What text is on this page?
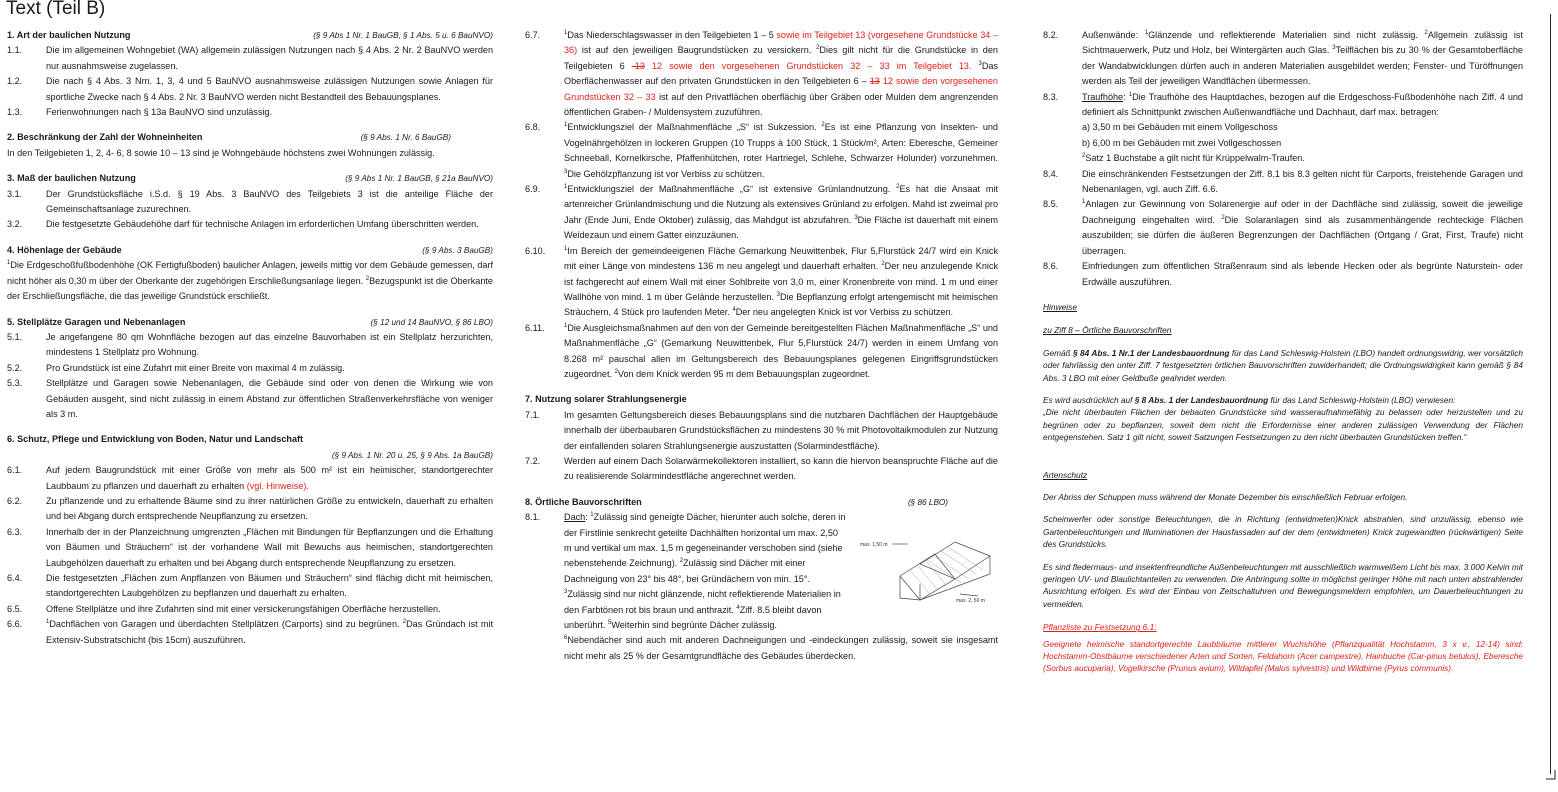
Text (Teil B)
1. Art der baulichen Nutzung	(§ 9 Abs 1 Nr. 1 BauGB, § 1 Abs. 5 u. 6 BauNVO)
1.1.	Die im allgemeinen Wohngebiet (WA) allgemein zulässigen Nutzungen nach § 4 Abs. 2 Nr. 2 BauNVO werden nur ausnahmsweise zugelassen.
1.2.	Die nach § 4 Abs. 3 Nrn. 1, 3, 4 und 5 BauNVO ausnahmsweise zulässigen Nutzungen sowie Anlagen für sportliche Zwecke nach § 4 Abs. 2 Nr. 3 BauNVO werden nicht Bestandteil des Bebauungsplanes.
1.3.	Ferienwohnungen nach § 13a BauNVO sind unzulässig.
2. Beschränkung der Zahl der Wohneinheiten	(§ 9 Abs. 1 Nr. 6 BauGB)
In den Teilgebieten 1, 2, 4- 6, 8 sowie 10 – 13 sind je Wohngebäude höchstens zwei Wohnungen zulässig.
3. Maß der baulichen Nutzung	(§ 9 Abs 1 Nr. 1 BauGB, § 21a BauNVO)
3.1.	Der Grundstücksfläche i.S.d. § 19 Abs. 3 BauNVO des Teilgebiets 3 ist die anteilige Fläche der Gemeinschaftsanlage zuzurechnen.
3.2.	Die festgesetzte Gebäudehöhe darf für technische Anlagen im erforderlichen Umfang überschritten werden.
4. Höhenlage der Gebäude	(§ 9 Abs. 3 BauGB)
$^1$Die Erdgeschoßfußbodenhöhe (OK Fertigfußboden) baulicher Anlagen, jeweils mittig vor dem Gebäude gemessen, darf nicht höher als 0,30 m über der Oberkante der zugehörigen Erschließungsanlage liegen. $^2$Bezugspunkt ist die Oberkante der Erschließungsfläche, die das jeweilige Grundstück erschließt.
5. Stellplätze Garagen und Nebenanlagen	(§ 12 und 14 BauNVO, § 86 LBO)
5.1.	Je angefangene 80 qm Wohnfläche bezogen auf das einzelne Bauvorhaben ist ein Stellplatz herzurichten, mindestens 1 Stellplatz pro Wohnung.
5.2.	Pro Grundstück ist eine Zufahrt mit einer Breite von maximal 4 m zulässig.
5.3.	Stellplätze und Garagen sowie Nebenanlagen, die Gebäude sind oder von denen die Wirkung wie von Gebäuden ausgeht, sind nicht zulässig in einem Abstand zur öffentlichen Straßenverkehrsfläche von weniger als 3 m.
6. Schutz, Pflege und Entwicklung von Boden, Natur und Landschaft
(§ 9 Abs. 1 Nr. 20 u. 25, § 9 Abs. 1a BauGB)
6.1.	Auf jedem Baugrundstück mit einer Größe von mehr als 500 m² ist ein heimischer, standortgerechter Laubbaum zu pflanzen und dauerhaft zu erhalten (vgl. Hinweise).
6.2.	Zu pflanzende und zu erhaltende Bäume sind zu ihrer natürlichen Größe zu entwickeln, dauerhaft zu erhalten und bei Abgang durch entsprechende Neupflanzung zu ersetzen.
6.3.	Innerhalb der in der Planzeichnung umgrenzten „Flächen mit Bindungen für Bepflanzungen und die Erhaltung von Bäumen und Sträuchern“ ist der vorhandene Wall mit Bewuchs aus heimischen, standortgerechten Laubgehölzen dauerhaft zu erhalten und bei Abgang durch entsprechende Neupflanzung zu ersetzen.
6.4.	Die festgesetzten „Flächen zum Anpflanzen von Bäumen und Sträuchern“ sind flächig dicht mit heimischen, standortgerechten Laubgehölzen zu bepflanzen und dauerhaft zu erhalten.
6.5.	Offene Stellplätze und ihre Zufahrten sind mit einer versickerungsfähigen Oberfläche herzustellen.
6.6.	$^1$Dachflächen von Garagen und überdachten Stellplätzen (Carports) sind zu begrünen. $^2$Das Gründach ist mit Extensiv-Substratschicht (bis 15cm) auszuführen.
6.7.	$^1$Das Niederschlagswasser in den Teilgebieten 1 – 5 sowie im Teilgebiet 13 (vorgesehene Grundstücke 34 – 36) ist auf den jeweiligen Baugrundstücken zu versickern. $^2$Dies gilt nicht für die Grundstücke in den Teilgebieten 6 -13 12 sowie den vorgesehenen Grundstücken 32 – 33 im Teilgebiet 13. $^3$Das Oberflächenwasser auf den privaten Grundstücken in den Teilgebieten 6 – 13 12 sowie den vorgesehenen Grundstücken 32 – 33 ist auf den Privatflächen oberflächig über Gräben oder Mulden dem angrenzenden öffentlichen Graben- / Muldensystem zuzuführen.
6.8.	$^1$Entwicklungsziel der Maßnahmenfläche „S“ ist Sukzession. $^2$Es ist eine Pflanzung von Insekten- und Vogelnährgehölzen in lockeren Gruppen (10 Trupps à 100 Stück, 1 Stück/m², Arten: Eberesche, Gemeiner Schneeball, Kornelkirsche, Pfaffenhütchen, roter Hartriegel, Schlehe, Schwarzer Holunder) vorzunehmen. $^3$Die Gehölzpflanzung ist vor Verbiss zu schützen.
6.9.	$^1$Entwicklungsziel der Maßnahmenfläche „G“ ist extensive Grünlandnutzung. $^2$Es hat die Ansaat mit artenreicher Grünlandmischung und die Nutzung als extensives Grünland zu erfolgen. Mahd ist zweimal pro Jahr (Ende Juni, Ende Oktober) zulässig, das Mahdgut ist abzufahren. $^3$Die Fläche ist dauerhaft mit einem Weidezaun und einem Gatter einzuzäunen.
6.10.	$^1$Im Bereich der gemeindeeigenen Fläche Gemarkung Neuwittenbek, Flur 5,Flurstück 24/7 wird ein Knick mit einer Länge von mindestens 136 m neu angelegt und dauerhaft erhalten. $^2$Der neu anzulegende Knick ist fachgerecht auf einem Wall mit einer Sohlbreite von 3,0 m, einer Kronenbreite von mind. 1 m und einer Wallhöhe von mind. 1 m über Gelände herzustellen. $^3$Die Bepflanzung erfolgt artengemischt mit heimischen Sträuchern, 4 Stück pro laufenden Meter. $^4$Der neu angelegten Knick ist vor Verbiss zu schützen.
6.11.	$^1$Die Ausgleichsmaßnahmen auf den von der Gemeinde bereitgestellten Flächen Maßnahmenfläche „S“ und Maßnahmenfläche „G“ (Gemarkung Neuwittenbek, Flur 5,Flurstück 24/7) werden in einem Umfang von 8.268 m² pauschal allen im Geltungsbereich des Bebauungsplanes gelegenen Eingriffsgrundstücken zugeordnet. $^2$Von dem Knick werden 95 m dem Bebauungsplan zugeordnet.
7. Nutzung solarer Strahlungsenergie
7.1.	Im gesamten Geltungsbereich dieses Bebauungsplans sind die nutzbaren Dachflächen der Hauptgebäude innerhalb der überbaubaren Grundstücksflächen zu mindestens 30 % mit Photovoltaikmodulen zur Nutzung der einfallenden solaren Strahlungsenergie auszustatten (Solarmindestfläche).
7.2.	Werden auf einem Dach Solarwärmekollektoren installiert, so kann die hiervon beanspruchte Fläche auf die zu realisierende Solarmindestfläche angerechnet werden.
8. Örtliche Bauvorschriften	(§ 86 LBO)
8.1.	Dach: $^1$Zulässig sind geneigte Dächer, hierunter auch solche, deren in der Firstlinie senkrecht geteilte Dachhälften horizontal um max. 2,50 m und vertikal um max. 1,5 m gegeneinander verschoben sind (siehe nebenstehende Zeichnung). $^2$Zulässig sind Dächer mit einer Dachneigung von 23° bis 48°, bei Gründächern von min. 15°. $^3$Zulässig sind nur nicht glänzende, nicht reflektierende Materialien in den Farbtönen rot bis braun und anthrazit. $^4$Ziff. 8.5 bleibt davon unberührt. $^5$Weiterhin sind begrünte Dächer zulässig.
max. 1,50 m
max. 2, 50 m
$^6$Nebendächer sind auch mit anderen Dachneigungen und -eindeckungen zulässig, soweit sie insgesamt nicht mehr als 25 % der Gesamtgrundfläche des Gebäudes überdecken.
8.2.	Außenwände: $^1$Glänzende und reflektierende Materialien sind nicht zulässig. $^2$Allgemein zulässig ist Sichtmauerwerk, Putz und Holz, bei Wintergärten auch Glas. $^3$Teilflächen bis zu 30 % der Gesamtoberfläche der Wandabwicklungen dürfen auch in anderen Materialien ausgebildet werden; Fenster- und Türöffnungen werden als Teil der jeweiligen Wandflächen übermessen.
8.3.	Traufhöhe: $^1$Die Traufhöhe des Hauptdaches, bezogen auf die Erdgeschoss-Fußbodenhöhe nach Ziff. 4 und definiert als Schnittpunkt zwischen Außenwandfläche und Dachhaut, darf max. betragen:
a) 3,50 m bei Gebäuden mit einem Vollgeschoss
b) 6,00 m bei Gebäuden mit zwei Vollgeschossen
$^2$Satz 1 Buchstabe a gilt nicht für Krüppelwalm-Traufen.
8.4.	Die einschränkenden Festsetzungen der Ziff. 8.1 bis 8.3 gelten nicht für Carports, freistehende Garagen und Nebenanlagen, vgl. auch Ziff. 6.6.
8.5.	$^1$Anlagen zur Gewinnung von Solarenergie auf oder in der Dachfläche sind zulässig, soweit die jeweilige Dachneigung eingehalten wird. $^2$Die Solaranlagen sind als zusammenhängende rechteckige Flächen auszubilden; sie dürfen die äußeren Begrenzungen der Dachflächen (Ortgang / Grat, First, Traufe) nicht überragen.
8.6.	Einfriedungen zum öffentlichen Straßenraum sind als lebende Hecken oder als begrünte Naturstein- oder Erdwälle auszuführen.
Hinweise
zu Ziff 8 – Örtliche Bauvorschriften

Gemäß § 84 Abs. 1 Nr.1 der Landesbauordnung für das Land Schleswig-Holstein (LBO) handelt ordnungswidrig, wer vorsätzlich oder fahrlässig den unter Ziff. 7 festgesetzten örtlichen Bauvorschriften zuwiderhandelt; die Ordnungswidrigkeit kann gemäß § 84 Abs. 3 LBO mit einer Geldbuße geahndet werden.

Es wird ausdrücklich auf § 8 Abs. 1 der Landesbauordnung für das Land Schleswig-Holstein (LBO) verwiesen:

„Die nicht überbauten Flächen der bebauten Grundstücke sind wasseraufnahmefähig zu belassen oder herzustellen und zu begrünen oder zu bepflanzen, soweit dem nicht die Erfordernisse einer anderen zulässigen Verwendung der Flächen entgegenstehen. Satz 1 gilt nicht, soweit Satzungen Festsetzungen zu den nicht überbauten Grundstücken treffen.“

Artenschutz

Der Abriss der Schuppen muss während der Monate Dezember bis einschließlich Februar erfolgen.

Scheinwerfer oder sonstige Beleuchtungen, die in Richtung (entwidmeten)Knick abstrahlen, sind unzulässig, ebenso wie Gartenbeleuchtungen und Illuminationen der Hausfassaden auf der dem (entwidmeten) Knick zugewandten (rückwärtigen) Seite des Grundstücks.

Es sind fledermaus- und insektenfreundliche Außenbeleuchtungen mit ausschließlich warmweißem Licht bis max. 3.000 Kelvin mit geringen UV- und Blaulichtanteilen zu verwenden. Die Anbringung sollte in möglichst geringer Höhe mit nach unten abstrahlender Ausrichtung erfolgen. Es wird der Einbau von Zeitschaltuhren und Bewegungsmeldern empfohlen, um Dauerbeleuchtungen zu vermeiden.

Pflanzliste zu Festsetzung 6.1:

Geeignete heimische standortgerechte Laubbäume mittlerer Wuchshöhe (Pflanzqualität Hochstamm, 3 x v., 12-14) sind: Hochstamm-Obstbäume verschiedener Arten und Sorten, Feldahorn (Acer campestre), Hainbuche (Car-pinus betulus), Eberesche (Sorbus aucuparia), Vogelkirsche (Prunus avium), Wildapfel (Malus sylvestris) und Wildbirne (Pyrus communis).
